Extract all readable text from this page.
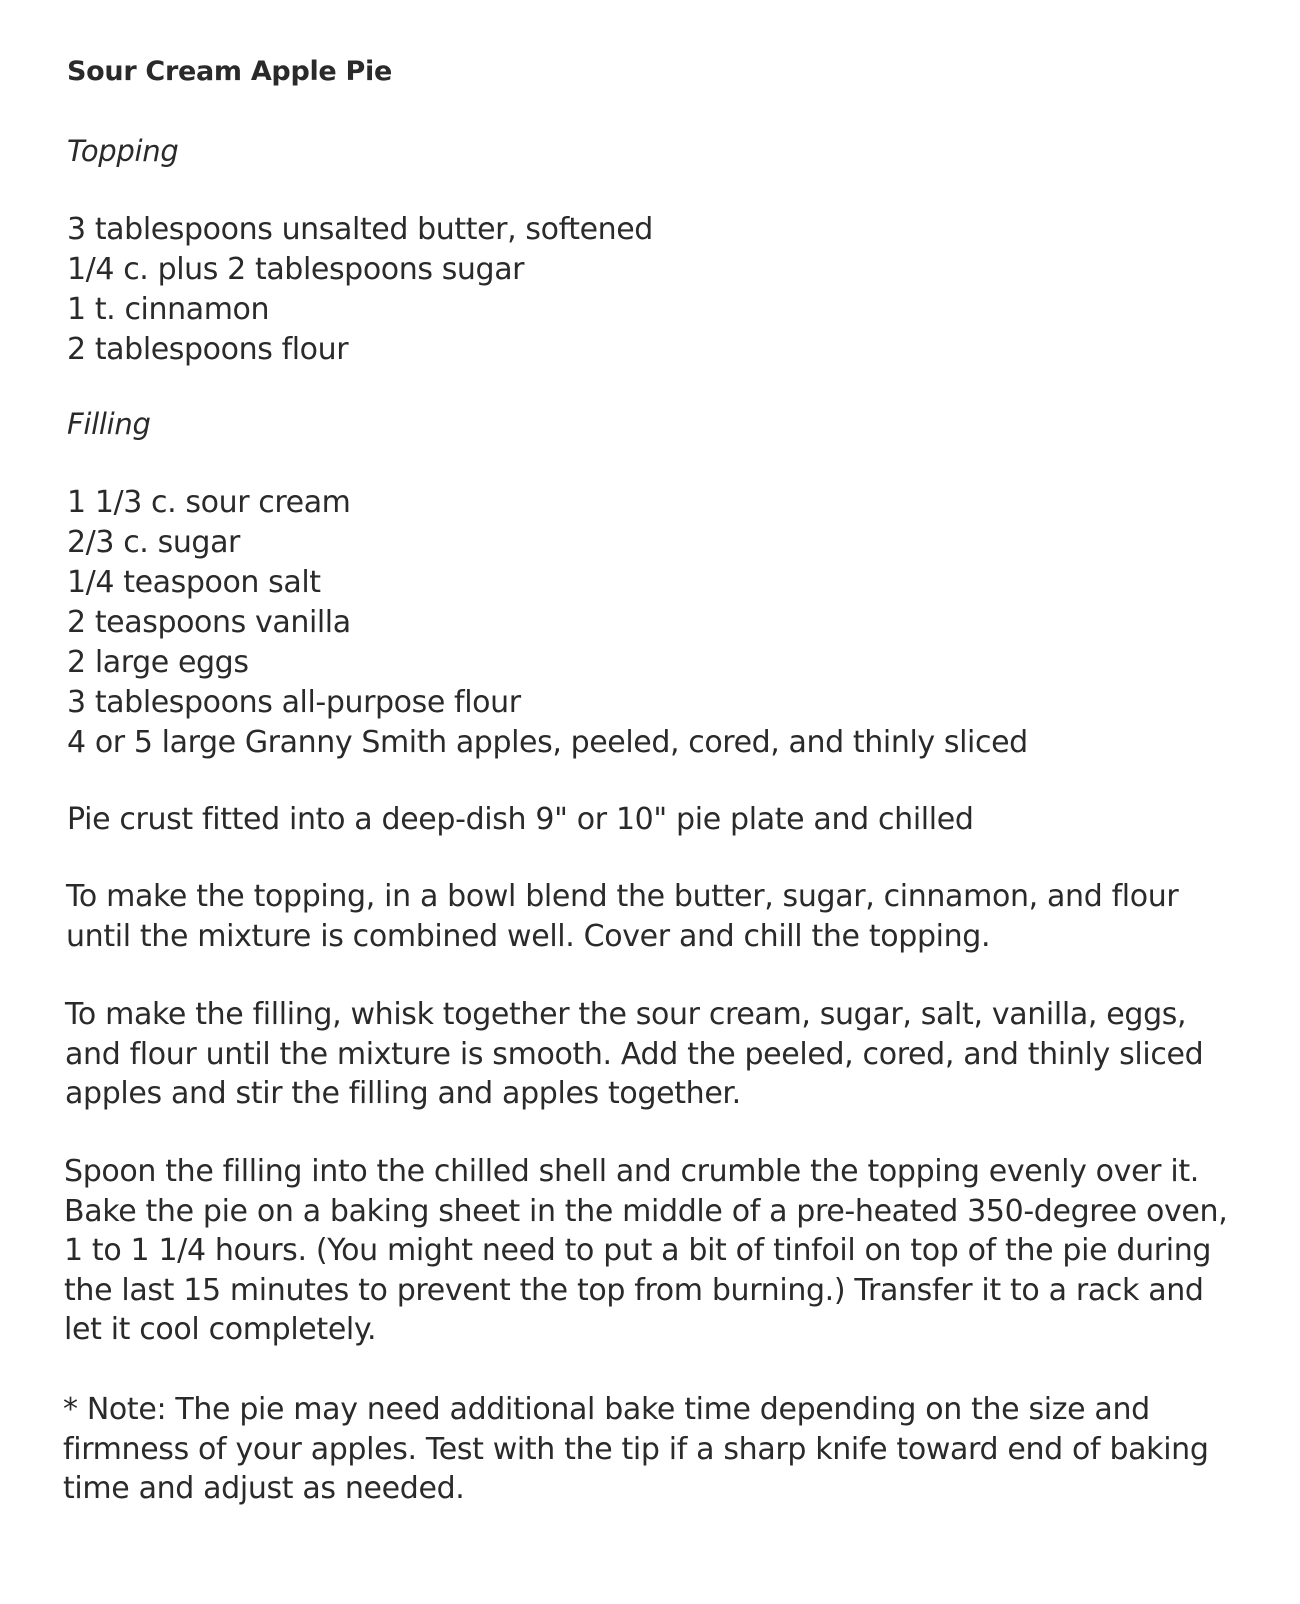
Sour Cream Apple Pie
Topping
3 tablespoons unsalted butter, softened
1/4 c. plus 2 tablespoons sugar
1 t. cinnamon
2 tablespoons flour
Filling
1 1/3 c. sour cream
2/3 c. sugar
1/4 teaspoon salt
2 teaspoons vanilla
2 large eggs
3 tablespoons all-purpose flour
4 or 5 large Granny Smith apples, peeled, cored, and thinly sliced

Pie crust fitted into a deep-dish 9" or 10" pie plate and chilled

To make the topping, in a bowl blend the butter, sugar, cinnamon, and flour until the mixture is combined well. Cover and chill the topping.

To make the filling, whisk together the sour cream, sugar, salt, vanilla, eggs, and flour until the mixture is smooth. Add the peeled, cored, and thinly sliced apples and stir the filling and apples together.

Spoon the filling into the chilled shell and crumble the topping evenly over it. Bake the pie on a baking sheet in the middle of a pre-heated 350-degree oven, 1 to 1 1/4 hours. (You might need to put a bit of tinfoil on top of the pie during the last 15 minutes to prevent the top from burning.) Transfer it to a rack and let it cool completely.

* Note: The pie may need additional bake time depending on the size and firmness of your apples. Test with the tip if a sharp knife toward end of baking time and adjust as needed.
